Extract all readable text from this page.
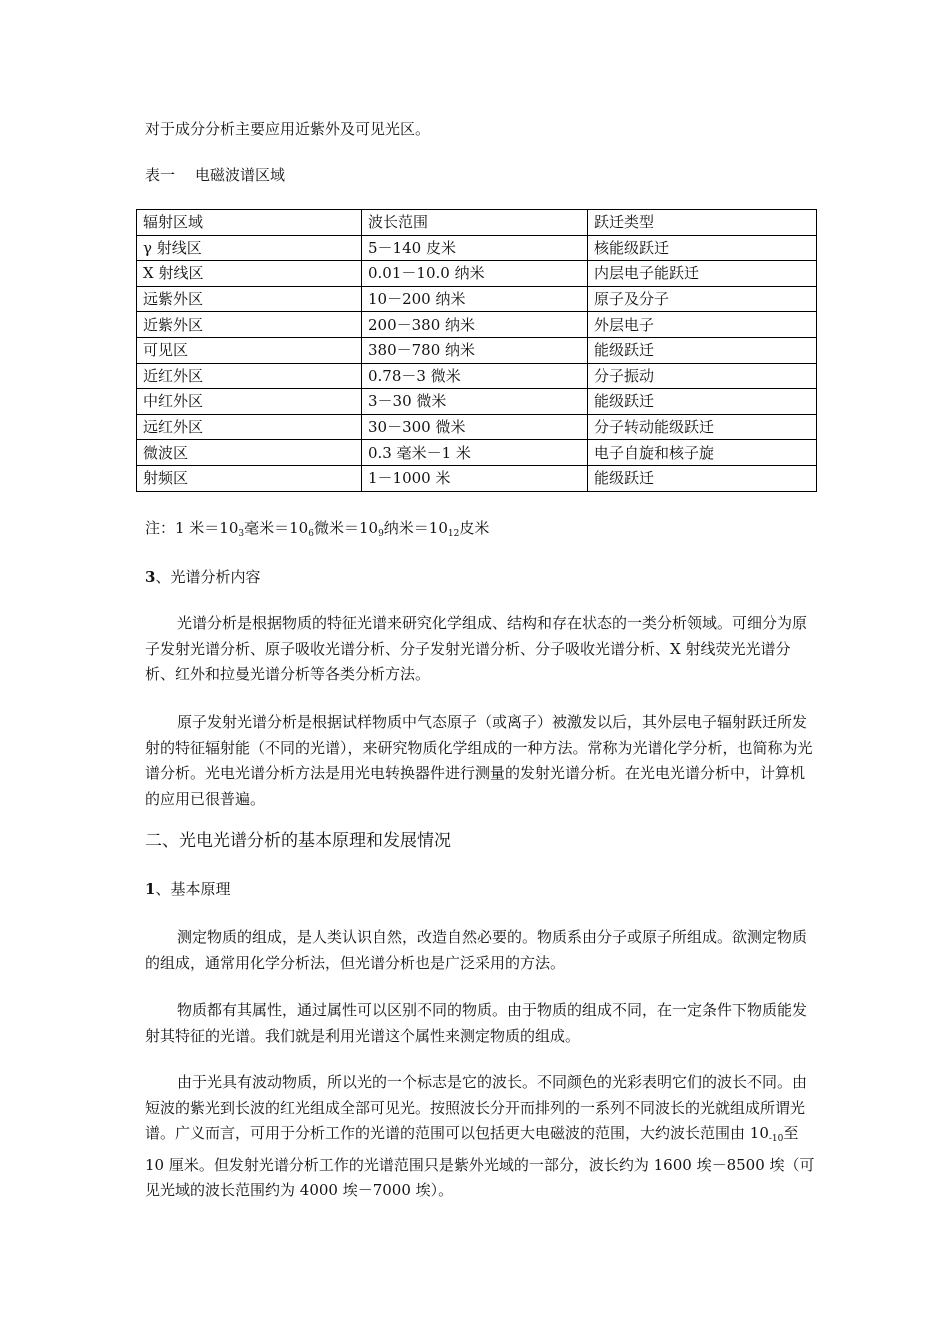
对于成分分析主要应用近紫外及可见光区。

表一 电磁波谱区域
辐射区域	波长范围	跃迁类型
γ 射线区	5－140 皮米	核能级跃迁
X 射线区	0.01－10.0 纳米	内层电子能跃迁
远紫外区	10－200 纳米	原子及分子
近紫外区	200－380 纳米	外层电子
可见区	380－780 纳米	能级跃迁
近红外区	0.78－3 微米	分子振动
中红外区	3－30 微米	能级跃迁
远红外区	30－300 微米	分子转动能级跃迁
微波区	0.3 毫米－1 米	电子自旋和核子旋
射频区	1－1000 米	能级跃迁

注：1 米$=10_3$毫米$=10_6$微米$=10_9$纳米$=10_{12}$皮米

3、光谱分析内容

光谱分析是根据物质的特征光谱来研究化学组成、结构和存在状态的一类分析领域。可细分为原子发射光谱分析、原子吸收光谱分析、分子发射光谱分析、分子吸收光谱分析、X 射线荧光光谱分析、红外和拉曼光谱分析等各类分析方法。

原子发射光谱分析是根据试样物质中气态原子（或离子）被激发以后，其外层电子辐射跃迁所发射的特征辐射能（不同的光谱），来研究物质化学组成的一种方法。常称为光谱化学分析，也简称为光谱分析。光电光谱分析方法是用光电转换器件进行测量的发射光谱分析。在光电光谱分析中，计算机的应用已很普遍。

二、光电光谱分析的基本原理和发展情况

1、基本原理

测定物质的组成，是人类认识自然，改造自然必要的。物质系由分子或原子所组成。欲测定物质的组成，通常用化学分析法，但光谱分析也是广泛采用的方法。

物质都有其属性，通过属性可以区别不同的物质。由于物质的组成不同，在一定条件下物质能发射其特征的光谱。我们就是利用光谱这个属性来测定物质的组成。

由于光具有波动物质，所以光的一个标志是它的波长。不同颜色的光彩表明它们的波长不同。由短波的紫光到长波的红光组成全部可见光。按照波长分开而排列的一系列不同波长的光就组成所谓光谱。广义而言，可用于分析工作的光谱的范围可以包括更大电磁波的范围，大约波长范围由 $10_{-10}$至 10 厘米。但发射光谱分析工作的光谱范围只是紫外光域的一部分，波长约为 1600 埃－8500 埃（可见光域的波长范围约为 4000 埃－7000 埃）。
